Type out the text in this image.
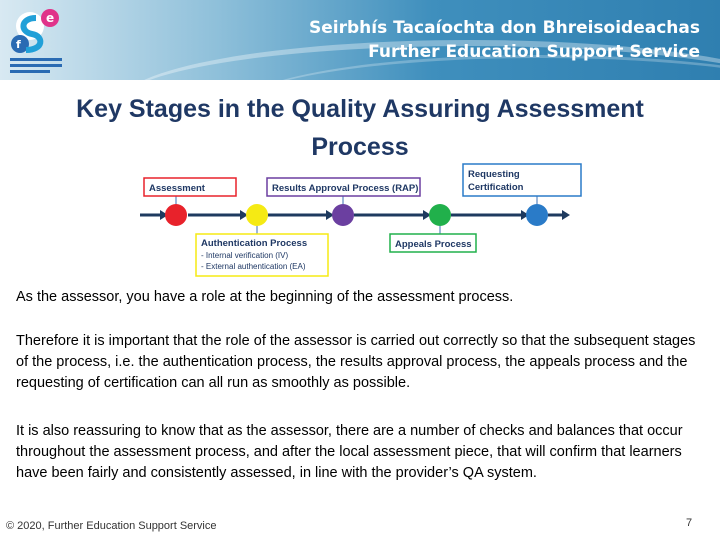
e
f
Seirbhís Tacaíochta don Bhreisoideachas
Further Education Support Service
Key Stages in the Quality Assuring Assessment Process
Assessment	Results Approval Process (RAP)
Requesting
Certification
Authentication Process
- Internal verification (IV)
- External authentication (EA)
Appeals Process

As the assessor, you have a role at the beginning of the assessment process.

Therefore it is important that the role of the assessor is carried out correctly so that the subsequent stages of the process, i.e. the authentication process, the results approval process, the appeals process and the requesting of certification can all run as smoothly as possible.

It is also reassuring to know that as the assessor, there are a number of checks and balances that occur throughout the assessment process, and after the local assessment piece, that will confirm that learners have been fairly and consistently assessed, in line with the provider’s QA system.

© 2020, Further Education Support Service	7
